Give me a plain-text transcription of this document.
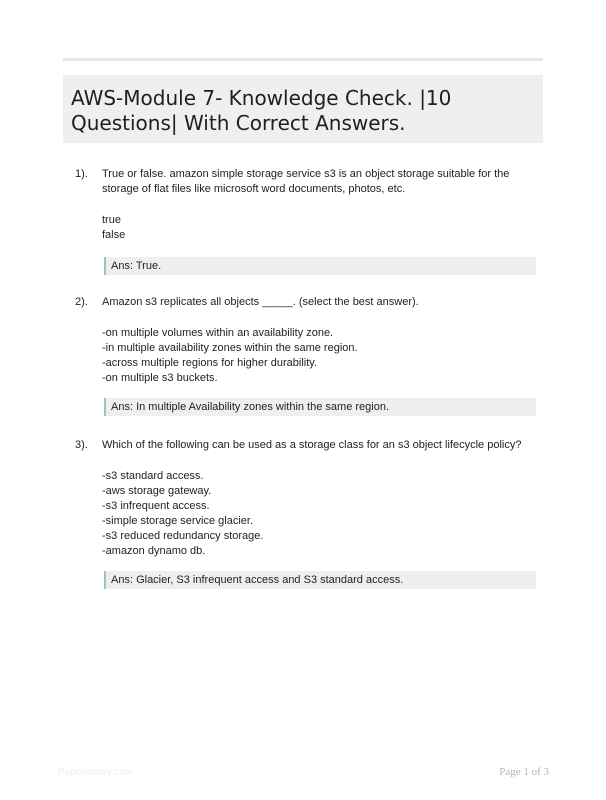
AWS-Module 7- Knowledge Check. |10 Questions| With Correct Answers.
1). True or false. amazon simple storage service s3 is an object storage suitable for the storage of flat files like microsoft word documents, photos, etc.

true
false
Ans: True.
2). Amazon s3 replicates all objects _____. (select the best answer).

-on multiple volumes within an availability zone.
-in multiple availability zones within the same region.
-across multiple regions for higher durability.
-on multiple s3 buckets.
Ans: In multiple Availability zones within the same region.
3). Which of the following can be used as a storage class for an s3 object lifecycle policy?

-s3 standard access.
-aws storage gateway.
-s3 infrequent access.
-simple storage service glacier.
-s3 reduced redundancy storage.
-amazon dynamo db.
Ans: Glacier, S3 infrequent access and S3 standard access.
Paperlibrary.com	Page 1 of 3
